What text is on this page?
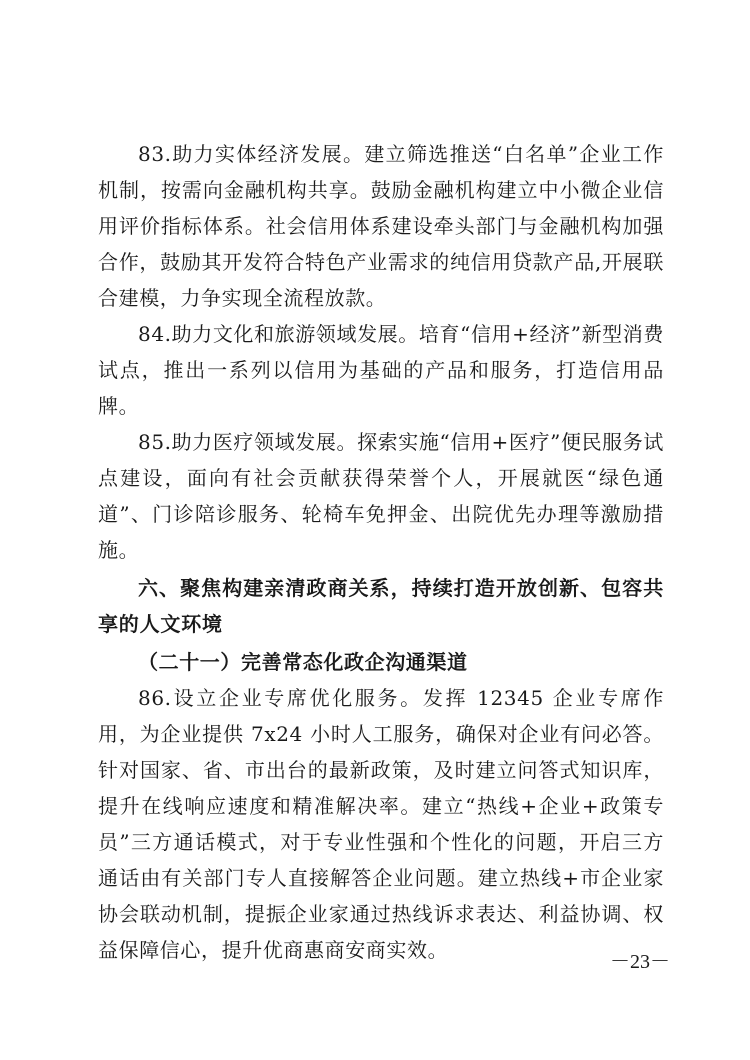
83.助力实体经济发展。建立筛选推送“白名单”企业工作机制，按需向金融机构共享。鼓励金融机构建立中小微企业信用评价指标体系。社会信用体系建设牵头部门与金融机构加强合作，鼓励其开发符合特色产业需求的纯信用贷款产品,开展联合建模，力争实现全流程放款。

84.助力文化和旅游领域发展。培育“信用+经济”新型消费试点，推出一系列以信用为基础的产品和服务，打造信用品牌。

85.助力医疗领域发展。探索实施“信用+医疗”便民服务试点建设，面向有社会贡献获得荣誉个人，开展就医“绿色通道”、门诊陪诊服务、轮椅车免押金、出院优先办理等激励措施。

六、聚焦构建亲清政商关系，持续打造开放创新、包容共享的人文环境

（二十一）完善常态化政企沟通渠道

86.设立企业专席优化服务。发挥 12345 企业专席作用，为企业提供 7x24 小时人工服务，确保对企业有问必答。针对国家、省、市出台的最新政策，及时建立问答式知识库，提升在线响应速度和精准解决率。建立“热线+企业+政策专员”三方通话模式，对于专业性强和个性化的问题，开启三方通话由有关部门专人直接解答企业问题。建立热线+市企业家协会联动机制，提振企业家通过热线诉求表达、利益协调、权益保障信心，提升优商惠商安商实效。	－23－
